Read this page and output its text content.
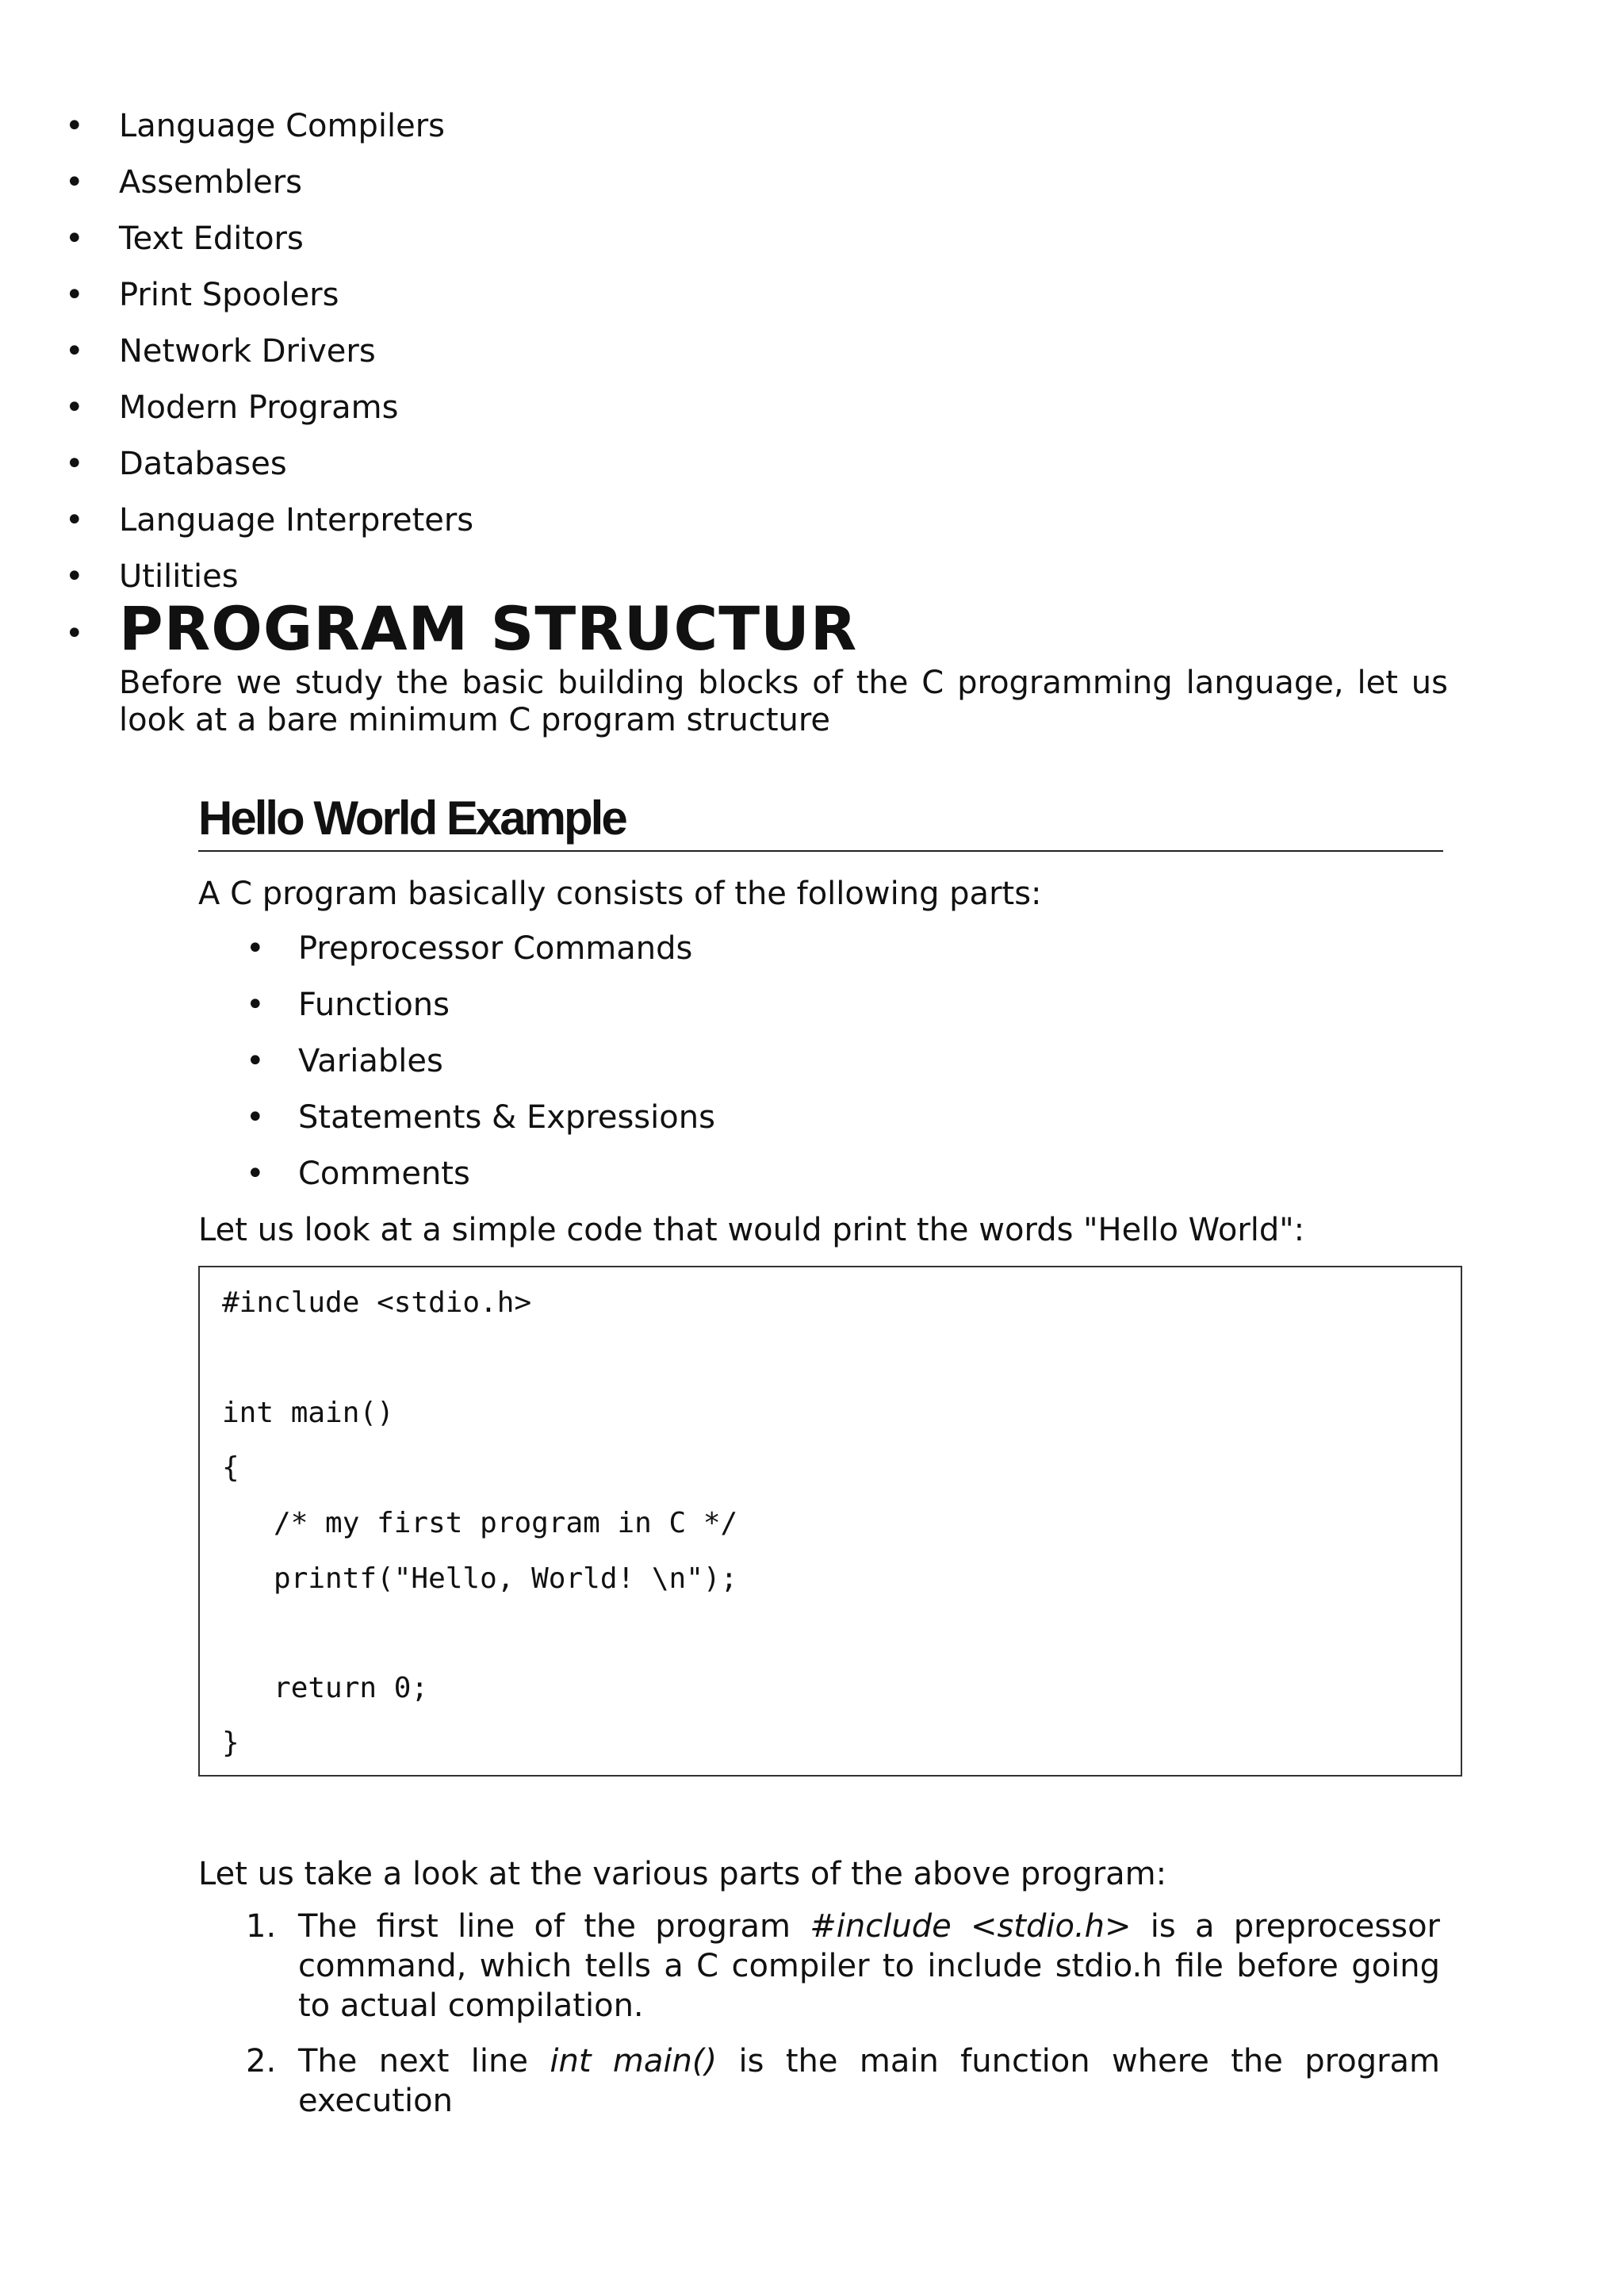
• Language Compilers
• Assemblers
• Text Editors
• Print Spoolers
• Network Drivers
• Modern Programs
• Databases
• Language Interpreters
• Utilities
• PROGRAM STRUCTUR

Before we study the basic building blocks of the C programming language, let us look at a bare minimum C program structure

Hello World Example

A C program basically consists of the following parts:

• Preprocessor Commands
• Functions
• Variables
• Statements & Expressions
• Comments

Let us look at a simple code that would print the words "Hello World":

#include <stdio.h>
int main()
{
/* my first program in C */
printf("Hello, World! \n");
return 0;
}

Let us take a look at the various parts of the above program:

1. The first line of the program #include <stdio.h> is a preprocessor command, which tells a C compiler to include stdio.h file before going to actual compilation.
2. The next line int main() is the main function where the program execution
